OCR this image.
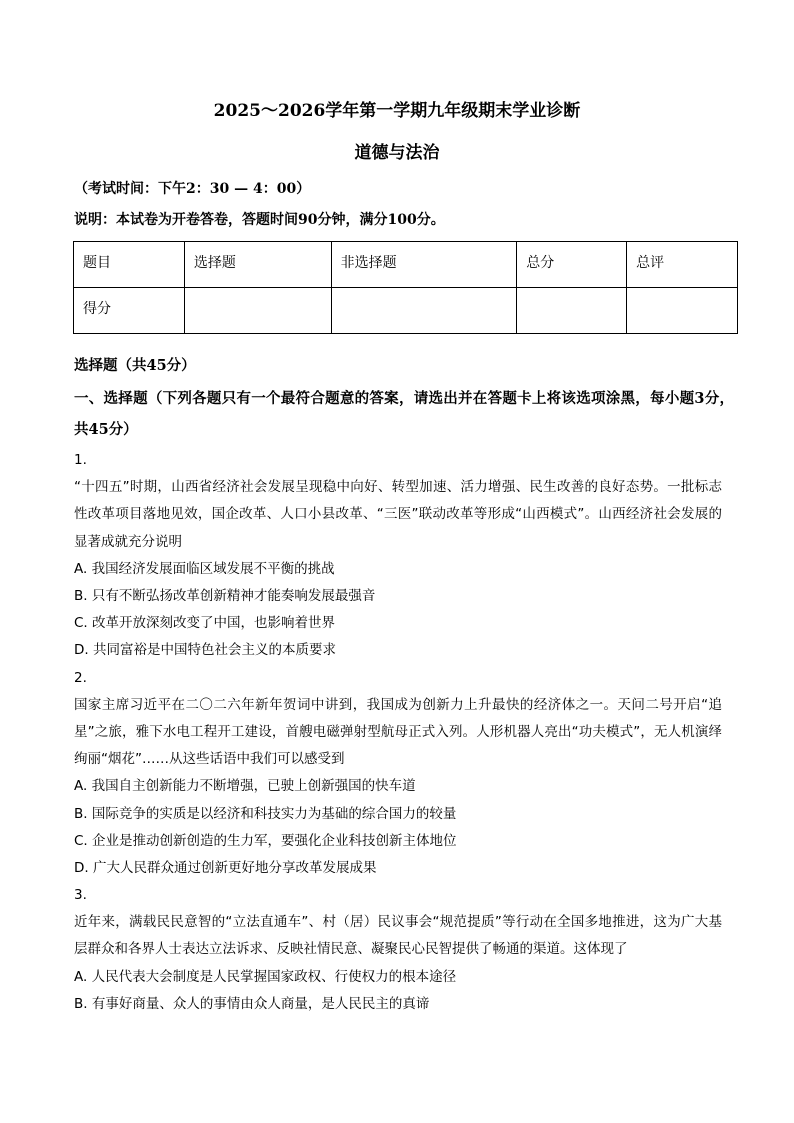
2025～2026学年第一学期九年级期末学业诊断
道德与法治
（考试时间：下午2：30 — 4：00）
说明：本试卷为开卷答卷，答题时间90分钟，满分100分。
题目	选择题	非选择题	总分	总评
得分				
选择题（共45分）
一、选择题（下列各题只有一个最符合题意的答案，请选出并在答题卡上将该选项涂黑，每小题3分，共45分）

1.

“十四五”时期，山西省经济社会发展呈现稳中向好、转型加速、活力增强、民生改善的良好态势。一批标志性改革项目落地见效，国企改革、人口小县改革、“三医”联动改革等形成“山西模式”。山西经济社会发展的显著成就充分说明

A. 我国经济发展面临区域发展不平衡的挑战

B. 只有不断弘扬改革创新精神才能奏响发展最强音

C. 改革开放深刻改变了中国，也影响着世界

D. 共同富裕是中国特色社会主义的本质要求

2.

国家主席习近平在二〇二六年新年贺词中讲到，我国成为创新力上升最快的经济体之一。天问二号开启“追星”之旅，雅下水电工程开工建设，首艘电磁弹射型航母正式入列。人形机器人亮出“功夫模式”，无人机演绎绚丽“烟花”……从这些话语中我们可以感受到

A. 我国自主创新能力不断增强，已驶上创新强国的快车道

B. 国际竞争的实质是以经济和科技实力为基础的综合国力的较量

C. 企业是推动创新创造的生力军，要强化企业科技创新主体地位

D. 广大人民群众通过创新更好地分享改革发展成果

3.

近年来，满载民民意智的“立法直通车”、村（居）民议事会“规范提质”等行动在全国多地推进，这为广大基层群众和各界人士表达立法诉求、反映社情民意、凝聚民心民智提供了畅通的渠道。这体现了

A. 人民代表大会制度是人民掌握国家政权、行使权力的根本途径

B. 有事好商量、众人的事情由众人商量，是人民民主的真谛
